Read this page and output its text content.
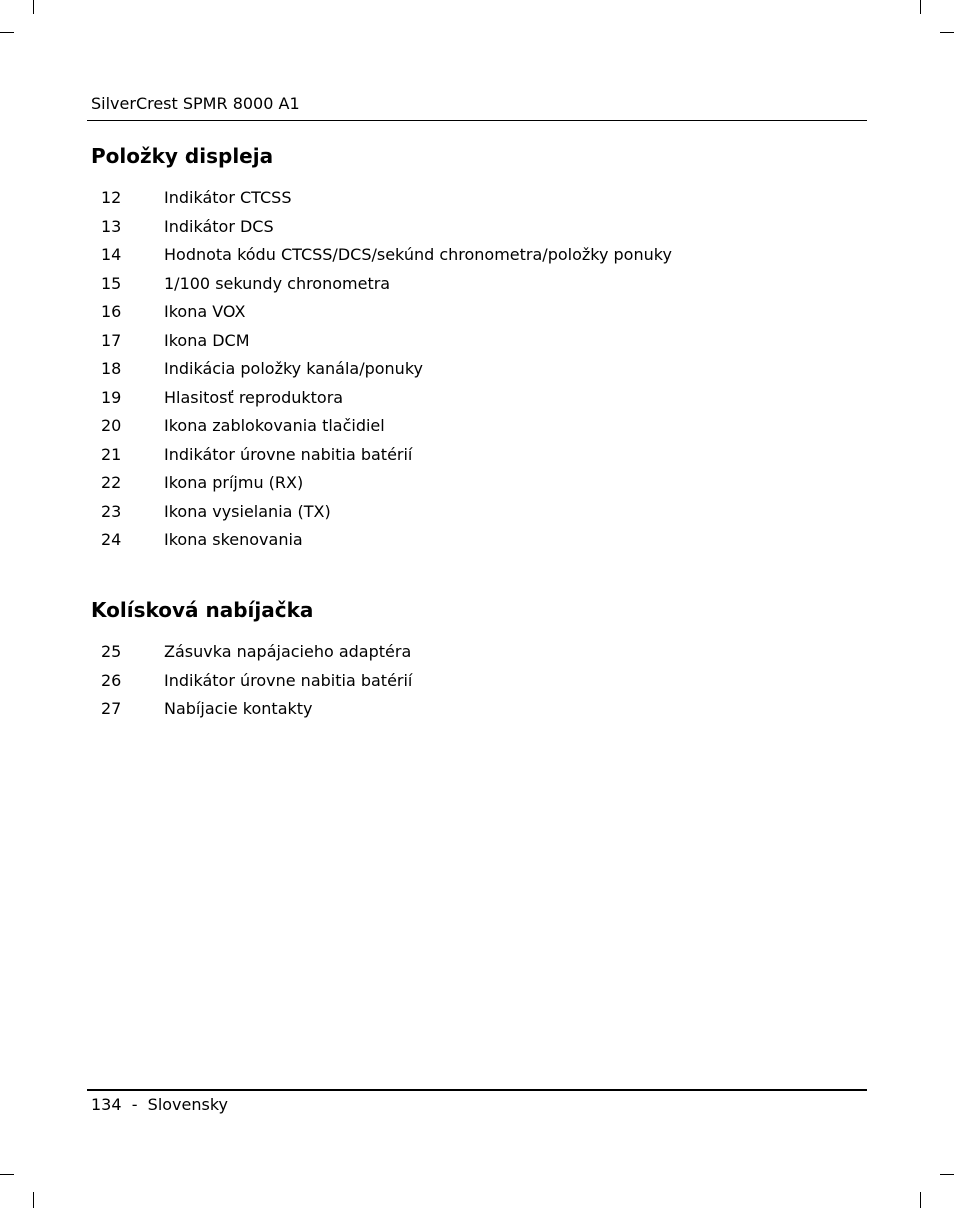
SilverCrest SPMR 8000 A1
Položky displeja
12	Indikátor CTCSS
13	Indikátor DCS
14	Hodnota kódu CTCSS/DCS/sekúnd chronometra/položky ponuky
15	1/100 sekundy chronometra
16	Ikona VOX
17	Ikona DCM
18	Indikácia položky kanála/ponuky
19	Hlasitosť reproduktora
20	Ikona zablokovania tlačidiel
21	Indikátor úrovne nabitia batérií
22	Ikona príjmu (RX)
23	Ikona vysielania (TX)
24	Ikona skenovania
Kolísková nabíjačka
25	Zásuvka napájacieho adaptéra
26	Indikátor úrovne nabitia batérií
27	Nabíjacie kontakty
134  -  Slovensky
